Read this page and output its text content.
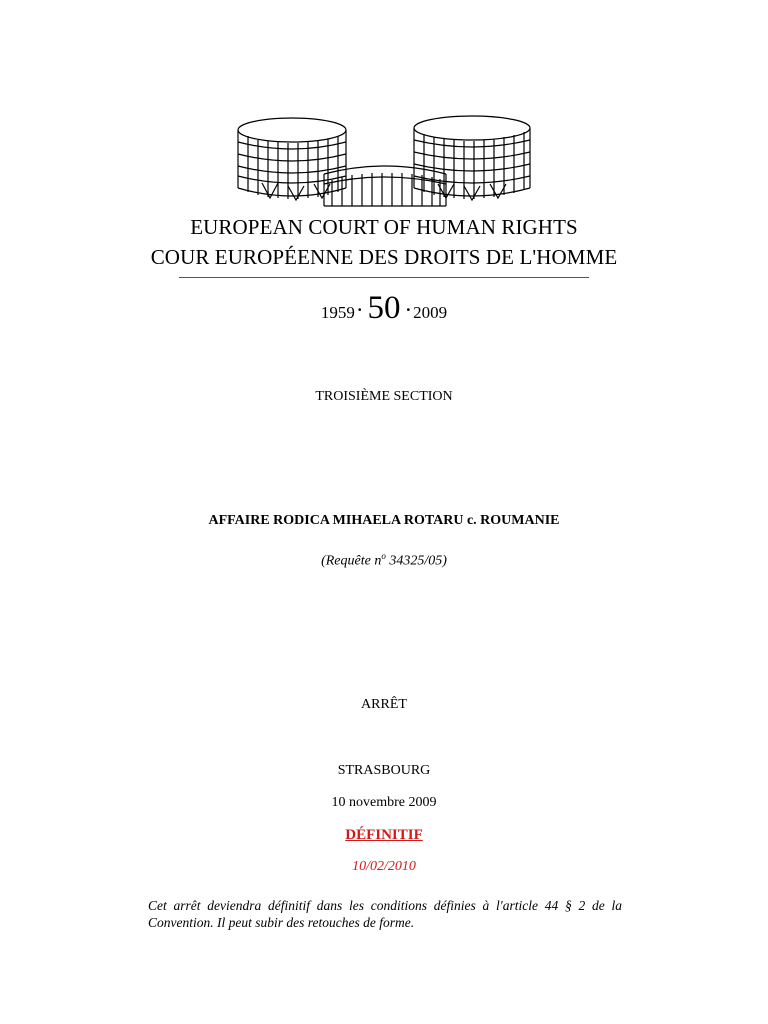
EUROPEAN COURT OF HUMAN RIGHTS
COUR EUROPÉENNE DES DROITS DE L'HOMME
1959 · 50 · 2009
TROISIÈME SECTION
AFFAIRE RODICA MIHAELA ROTARU c. ROUMANIE
(Requête $n^o$ 34325/05)
ARRÊT
STRASBOURG
10 novembre 2009
DÉFINITIF
10/02/2010
Cet arrêt deviendra définitif dans les conditions définies à l'article 44 § 2 de la Convention. Il peut subir des retouches de forme.
